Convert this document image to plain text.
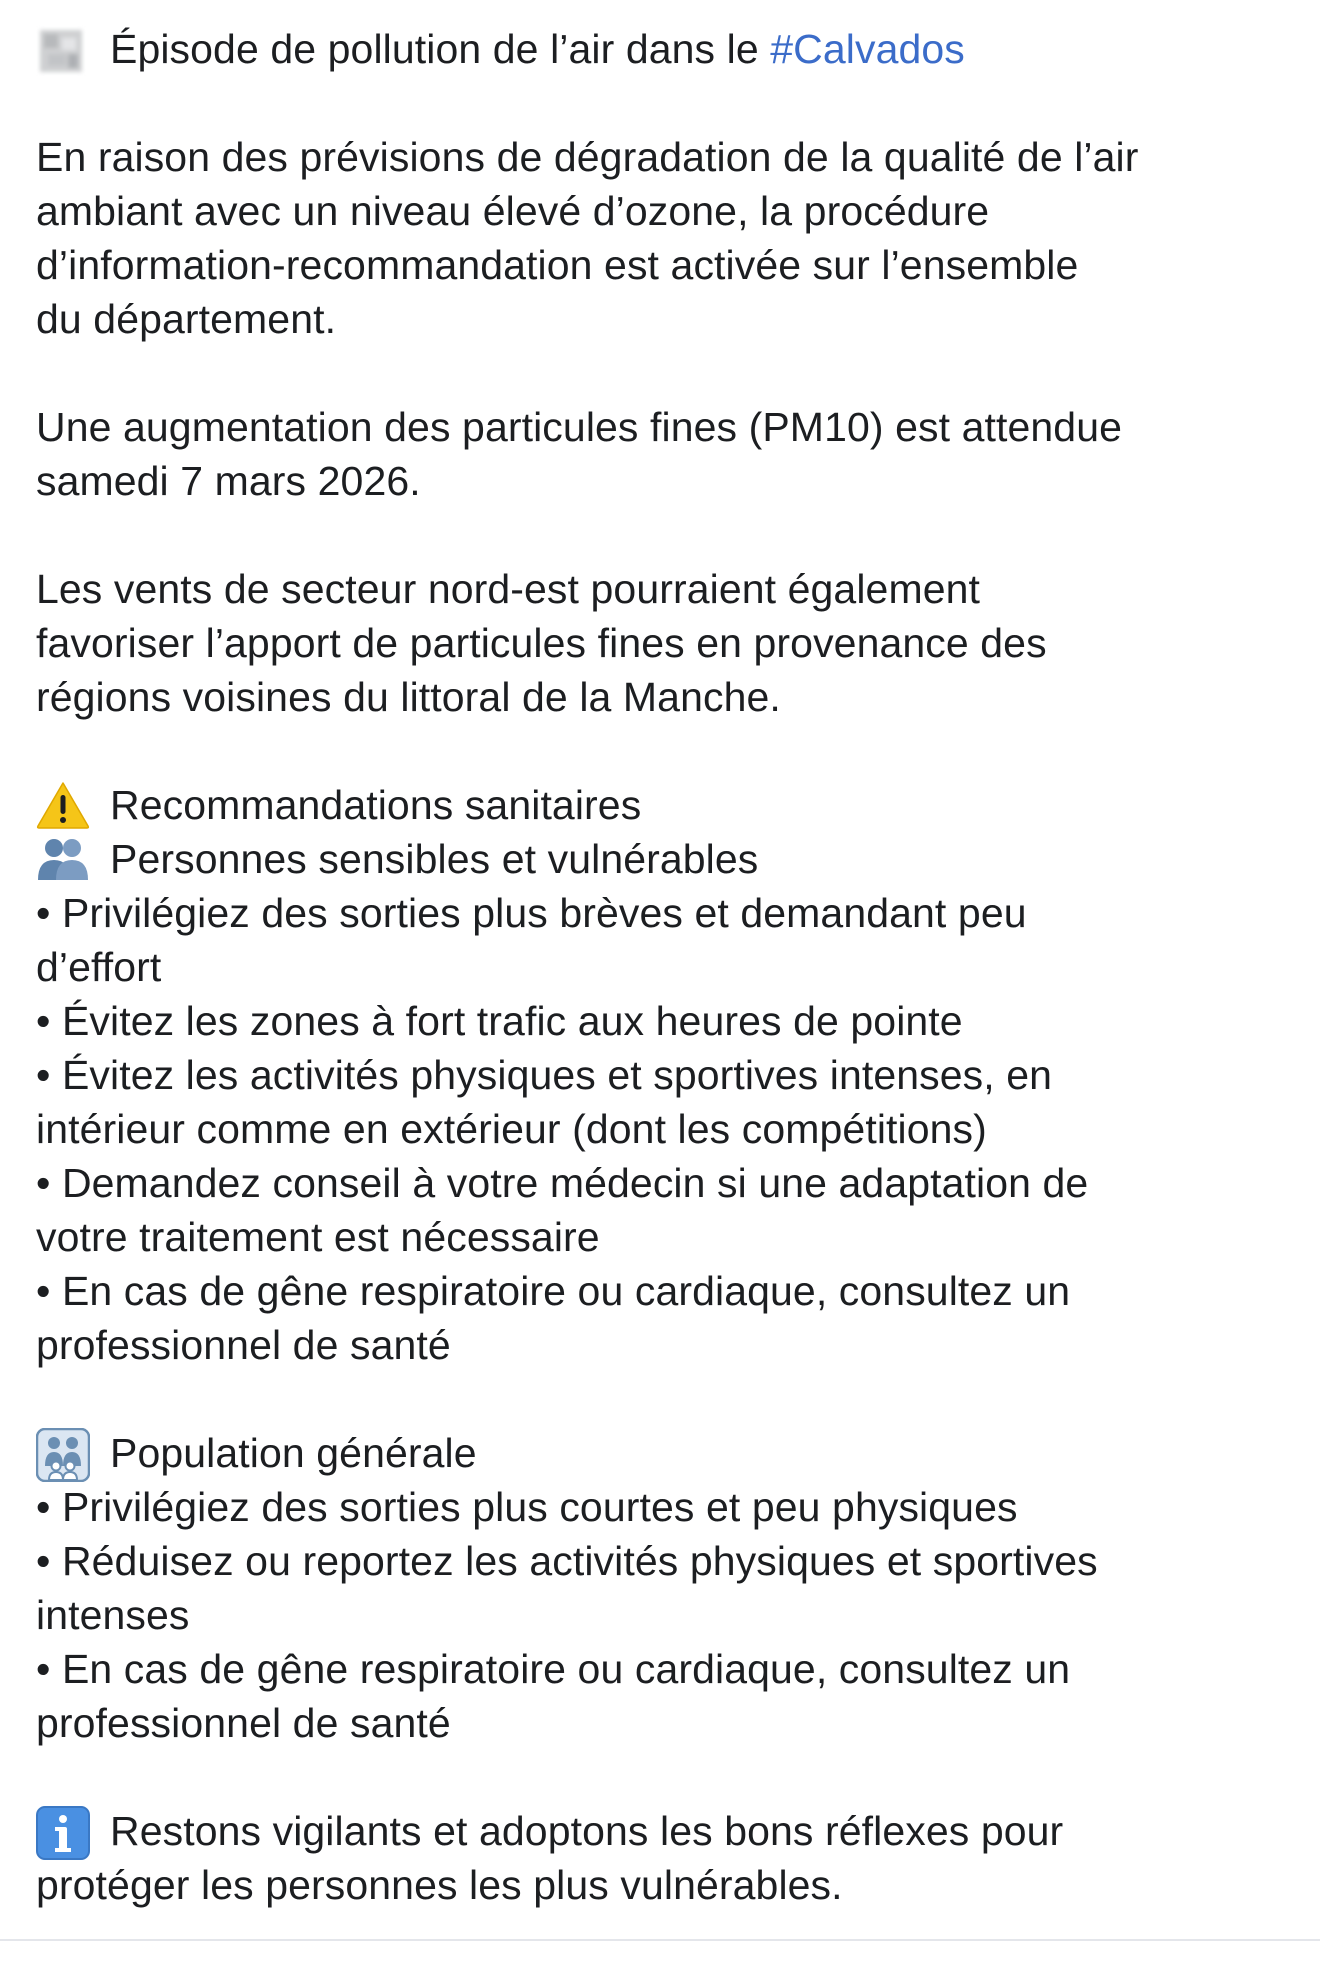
Épisode de pollution de l’air dans le #Calvados
En raison des prévisions de dégradation de la qualité de l’air
ambiant avec un niveau élevé d’ozone, la procédure
d’information-recommandation est activée sur l’ensemble
du département.
Une augmentation des particules fines (PM10) est attendue
samedi 7 mars 2026.
Les vents de secteur nord-est pourraient également
favoriser l’apport de particules fines en provenance des
régions voisines du littoral de la Manche.
Recommandations sanitaires
Personnes sensibles et vulnérables
• Privilégiez des sorties plus brèves et demandant peu
d’effort
• Évitez les zones à fort trafic aux heures de pointe
• Évitez les activités physiques et sportives intenses, en
intérieur comme en extérieur (dont les compétitions)
• Demandez conseil à votre médecin si une adaptation de
votre traitement est nécessaire
• En cas de gêne respiratoire ou cardiaque, consultez un
professionnel de santé
Population générale
• Privilégiez des sorties plus courtes et peu physiques
• Réduisez ou reportez les activités physiques et sportives
intenses
• En cas de gêne respiratoire ou cardiaque, consultez un
professionnel de santé
Restons vigilants et adoptons les bons réflexes pour
protéger les personnes les plus vulnérables.
